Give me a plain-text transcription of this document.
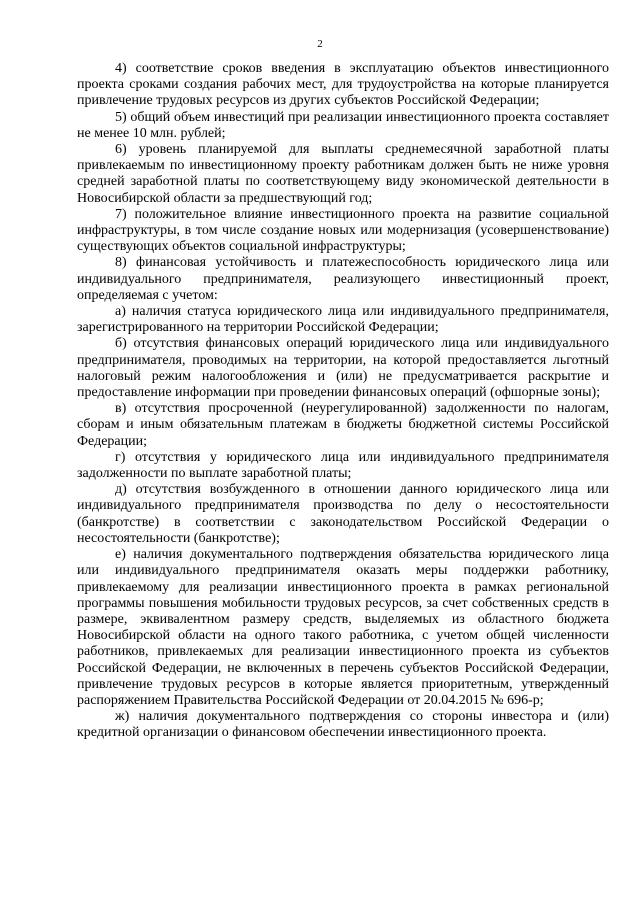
2

4) соответствие сроков введения в эксплуатацию объектов инвестиционного проекта сроками создания рабочих мест, для трудоустройства на которые планируется привлечение трудовых ресурсов из других субъектов Российской Федерации;

5) общий объем инвестиций при реализации инвестиционного проекта составляет не менее 10 млн. рублей;

6) уровень планируемой для выплаты среднемесячной заработной платы привлекаемым по инвестиционному проекту работникам должен быть не ниже уровня средней заработной платы по соответствующему виду экономической деятельности в Новосибирской области за предшествующий год;

7) положительное влияние инвестиционного проекта на развитие социальной инфраструктуры, в том числе создание новых или модернизация (усовершенствование) существующих объектов социальной инфраструктуры;

8) финансовая устойчивость и платежеспособность юридического лица или индивидуального предпринимателя, реализующего инвестиционный проект, определяемая с учетом:

а) наличия статуса юридического лица или индивидуального предпринимателя, зарегистрированного на территории Российской Федерации;

б) отсутствия финансовых операций юридического лица или индивидуального предпринимателя, проводимых на территории, на которой предоставляется льготный налоговый режим налогообложения и (или) не предусматривается раскрытие и предоставление информации при проведении финансовых операций (офшорные зоны);

в) отсутствия просроченной (неурегулированной) задолженности по налогам, сборам и иным обязательным платежам в бюджеты бюджетной системы Российской Федерации;

г) отсутствия у юридического лица или индивидуального предпринимателя задолженности по выплате заработной платы;

д) отсутствия возбужденного в отношении данного юридического лица или индивидуального предпринимателя производства по делу о несостоятельности (банкротстве) в соответствии с законодательством Российской Федерации о несостоятельности (банкротстве);

е) наличия документального подтверждения обязательства юридического лица или индивидуального предпринимателя оказать меры поддержки работнику, привлекаемому для реализации инвестиционного проекта в рамках региональной программы повышения мобильности трудовых ресурсов, за счет собственных средств в размере, эквивалентном размеру средств, выделяемых из областного бюджета Новосибирской области на одного такого работника, с учетом общей численности работников, привлекаемых для реализации инвестиционного проекта из субъектов Российской Федерации, не включенных в перечень субъектов Российской Федерации, привлечение трудовых ресурсов в которые является приоритетным, утвержденный распоряжением Правительства Российской Федерации от 20.04.2015 № 696-р;

ж) наличия документального подтверждения со стороны инвестора и (или) кредитной организации о финансовом обеспечении инвестиционного проекта.
